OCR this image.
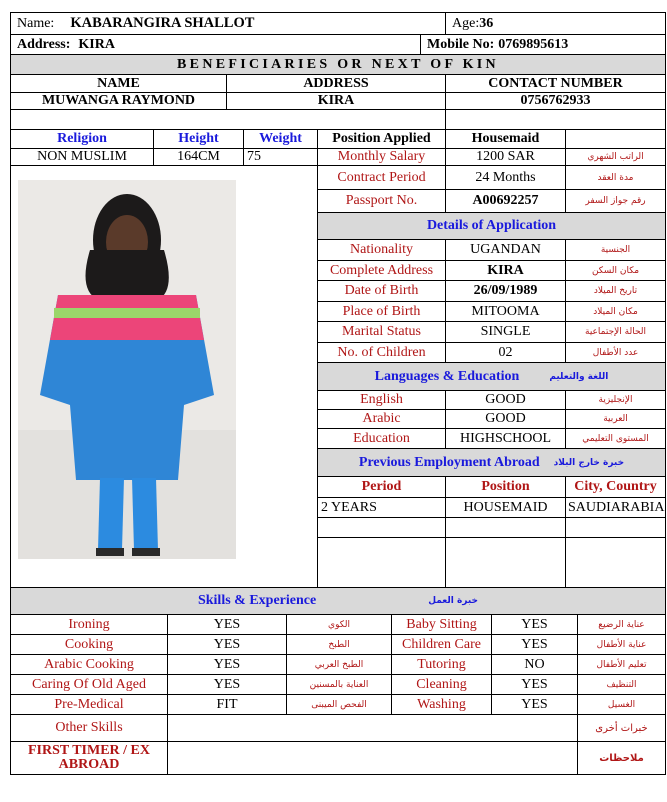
Name: KABARANGIRA SHALLOT	Age: 36
Address: KIRA	Mobile No: 0769895613
BENEFICIARIES OR NEXT OF KIN
NAME	ADDRESS	CONTACT NUMBER
MUWANGA RAYMOND	KIRA	0756762933
Religion	Height	Weight	Position Applied	Housemaid
NON MUSLIM	164CM	75	Monthly Salary	1200 SAR	الراتب الشهري
Contract Period	24 Months	مدة العقد
Passport No.	A00692257	رقم جواز السفر
Details of Application
Languages & Education	اللغة والتعليم
Previous Employment Abroad خبرة خارج البلاد
Period	Position	City, Country
2 YEARS	HOUSEMAID	SAUDIARABIA
Skills & Experience	خبرة العمل
Other Skills	خبرات أخرى
FIRST TIMER / EX
ABROAD	ملاحظات
Nationality	UGANDAN	الجنسية
Complete Address	KIRA	مكان السكن
Date of Birth	26/09/1989	تاريخ الميلاد
Place of Birth	MITOOMA	مكان الميلاد
Marital Status	SINGLE	الحالة الإجتماعية
No. of Children	02	عدد الأطفال
English	GOOD	الإنجليزية
Arabic	GOOD	العربية
Education	HIGHSCHOOL	المستوى التعليمي
Ironing	YES	الكوي	Baby Sitting	YES	عناية الرضيع
Cooking	YES	الطبخ	Children Care	YES	عناية الأطفال
Arabic Cooking	YES	الطبخ العربي	Tutoring	NO	تعليم الأطفال
Caring Of Old Aged	YES	العناية بالمسنين	Cleaning	YES	التنظيف
Pre-Medical	FIT	الفحص الميبنى	Washing	YES	الغسيل
